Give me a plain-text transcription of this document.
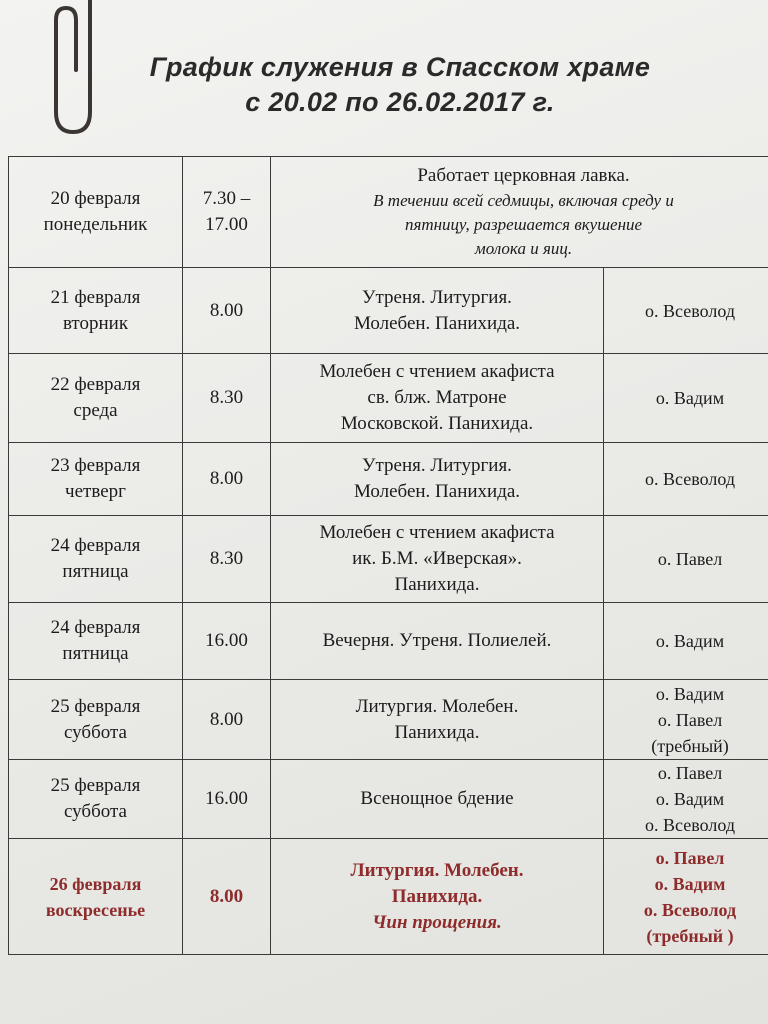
График служения в Спасском храме
с 20.02 по 26.02.2017 г.
20 февраля
понедельник	7.30 –
17.00	Работает церковная лавка.
В течении всей седмицы, включая среду и
пятницу, разрешается вкушение
молока и яиц.	

21 февраля
вторник	8.00	Утреня. Литургия.
Молебен. Панихида.	о. Всеволод

22 февраля
среда	8.30	Молебен с чтением акафиста
св. блж. Матроне
Московской. Панихида.	о. Вадим

23 февраля
четверг	8.00	Утреня. Литургия.
Молебен. Панихида.	о. Всеволод

24 февраля
пятница	8.30	Молебен с чтением акафиста
ик. Б.М. «Иверская».
Панихида.	о. Павел

24 февраля
пятница	16.00	Вечерня. Утреня. Полиелей.	о. Вадим

25 февраля
суббота	8.00	Литургия. Молебен.
Панихида.	о. Вадим
о. Павел
(требный)

25 февраля
суббота	16.00	Всенощное бдение	о. Павел
о. Вадим
о. Всеволод

26 февраля
воскресенье	8.00	Литургия. Молебен.
Панихида.
Чин прощения.	о. Павел
о. Вадим
о. Всеволод
(требный )
